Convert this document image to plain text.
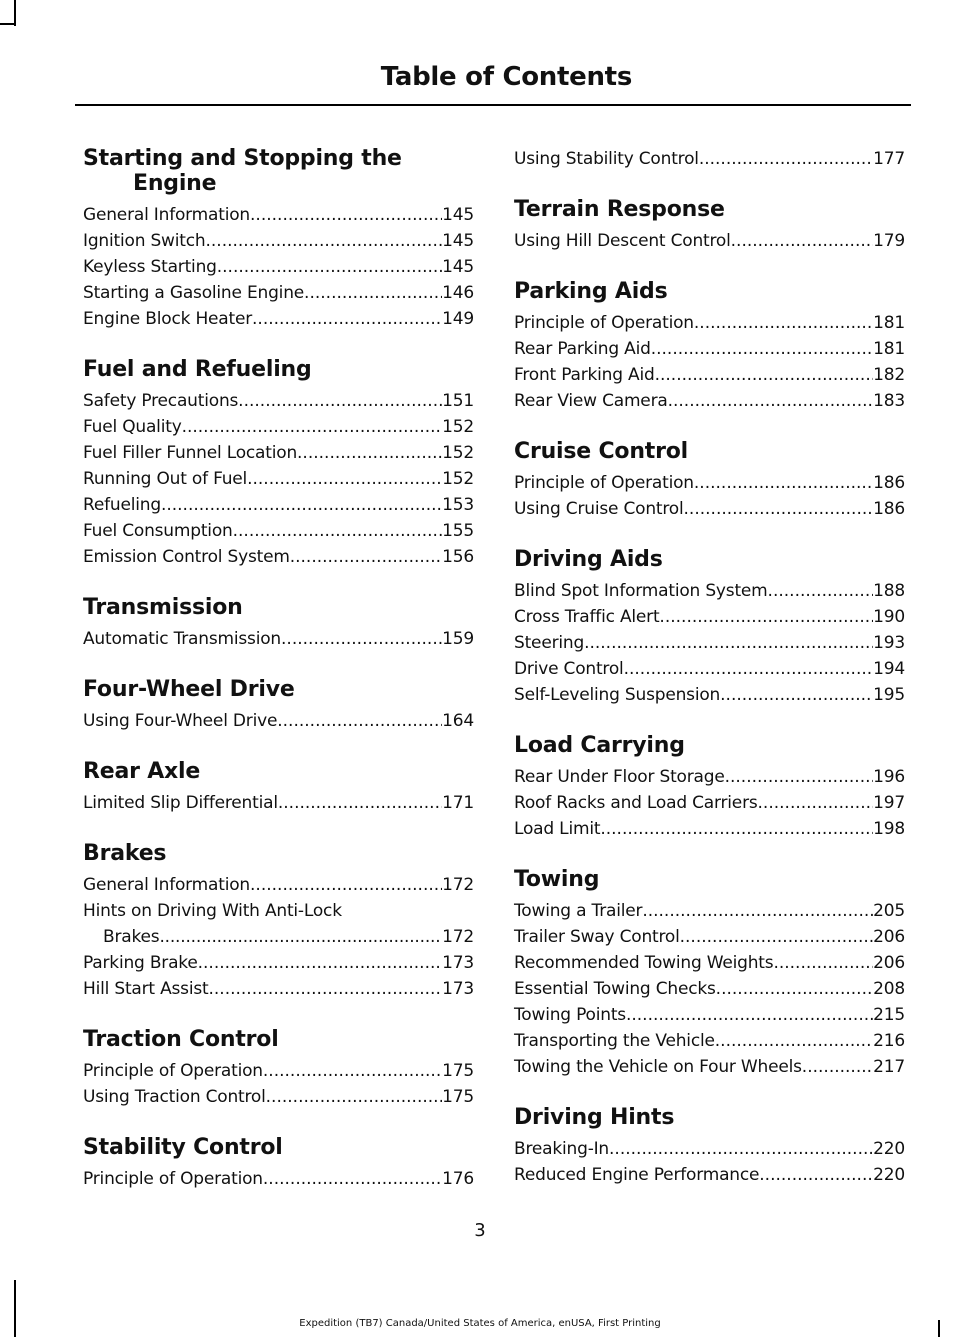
Table of Contents
Starting and Stopping the Engine
General Information .....	145
Ignition Switch .....	145
Keyless Starting .....	145
Starting a Gasoline Engine .....	146
Engine Block Heater .....	149
Fuel and Refueling
Safety Precautions .....	151
Fuel Quality .....	152
Fuel Filler Funnel Location .....	152
Running Out of Fuel .....	152
Refueling .....	153
Fuel Consumption .....	155
Emission Control System .....	156
Transmission
Automatic Transmission .....	159
Four-Wheel Drive
Using Four-Wheel Drive .....	164
Rear Axle
Limited Slip Differential .....	171
Brakes
General Information .....	172
Hints on Driving With Anti-Lock
Brakes .....	172
Parking Brake .....	173
Hill Start Assist .....	173
Traction Control
Principle of Operation .....	175
Using Traction Control .....	175
Stability Control
Principle of Operation .....	176
Using Stability Control .....	177
Terrain Response
Using Hill Descent Control .....	179
Parking Aids
Principle of Operation .....	181
Rear Parking Aid .....	181
Front Parking Aid .....	182
Rear View Camera .....	183
Cruise Control
Principle of Operation .....	186
Using Cruise Control .....	186
Driving Aids
Blind Spot Information System .....	188
Cross Traffic Alert .....	190
Steering .....	193
Drive Control .....	194
Self-Leveling Suspension .....	195
Load Carrying
Rear Under Floor Storage .....	196
Roof Racks and Load Carriers .....	197
Load Limit .....	198
Towing
Towing a Trailer .....	205
Trailer Sway Control .....	206
Recommended Towing Weights .....	206
Essential Towing Checks .....	208
Towing Points .....	215
Transporting the Vehicle .....	216
Towing the Vehicle on Four Wheels .....	217
Driving Hints
Breaking-In .....	220
Reduced Engine Performance .....	220
3
Expedition (TB7) Canada/United States of America, enUSA, First Printing
